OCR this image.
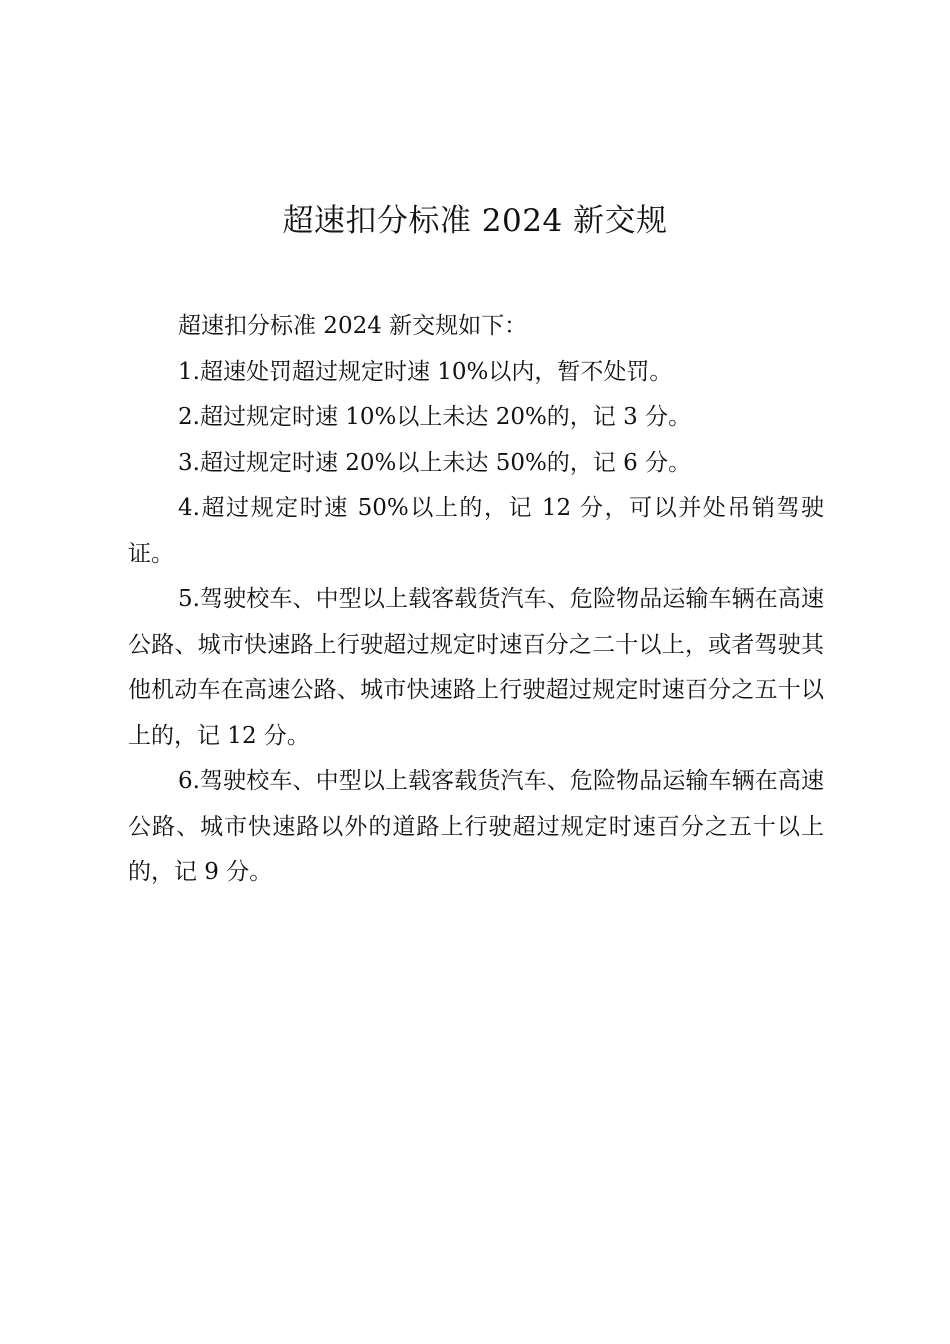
超速扣分标准 2024 新交规

超速扣分标准 2024 新交规如下：

1.超速处罚超过规定时速 10%以内，暂不处罚。

2.超过规定时速 10%以上未达 20%的，记 3 分。

3.超过规定时速 20%以上未达 50%的，记 6 分。

4.超过规定时速 50%以上的，记 12 分，可以并处吊销驾驶证。

5.驾驶校车、中型以上载客载货汽车、危险物品运输车辆在高速公路、城市快速路上行驶超过规定时速百分之二十以上，或者驾驶其他机动车在高速公路、城市快速路上行驶超过规定时速百分之五十以上的，记 12 分。

6.驾驶校车、中型以上载客载货汽车、危险物品运输车辆在高速公路、城市快速路以外的道路上行驶超过规定时速百分之五十以上的，记 9 分。
